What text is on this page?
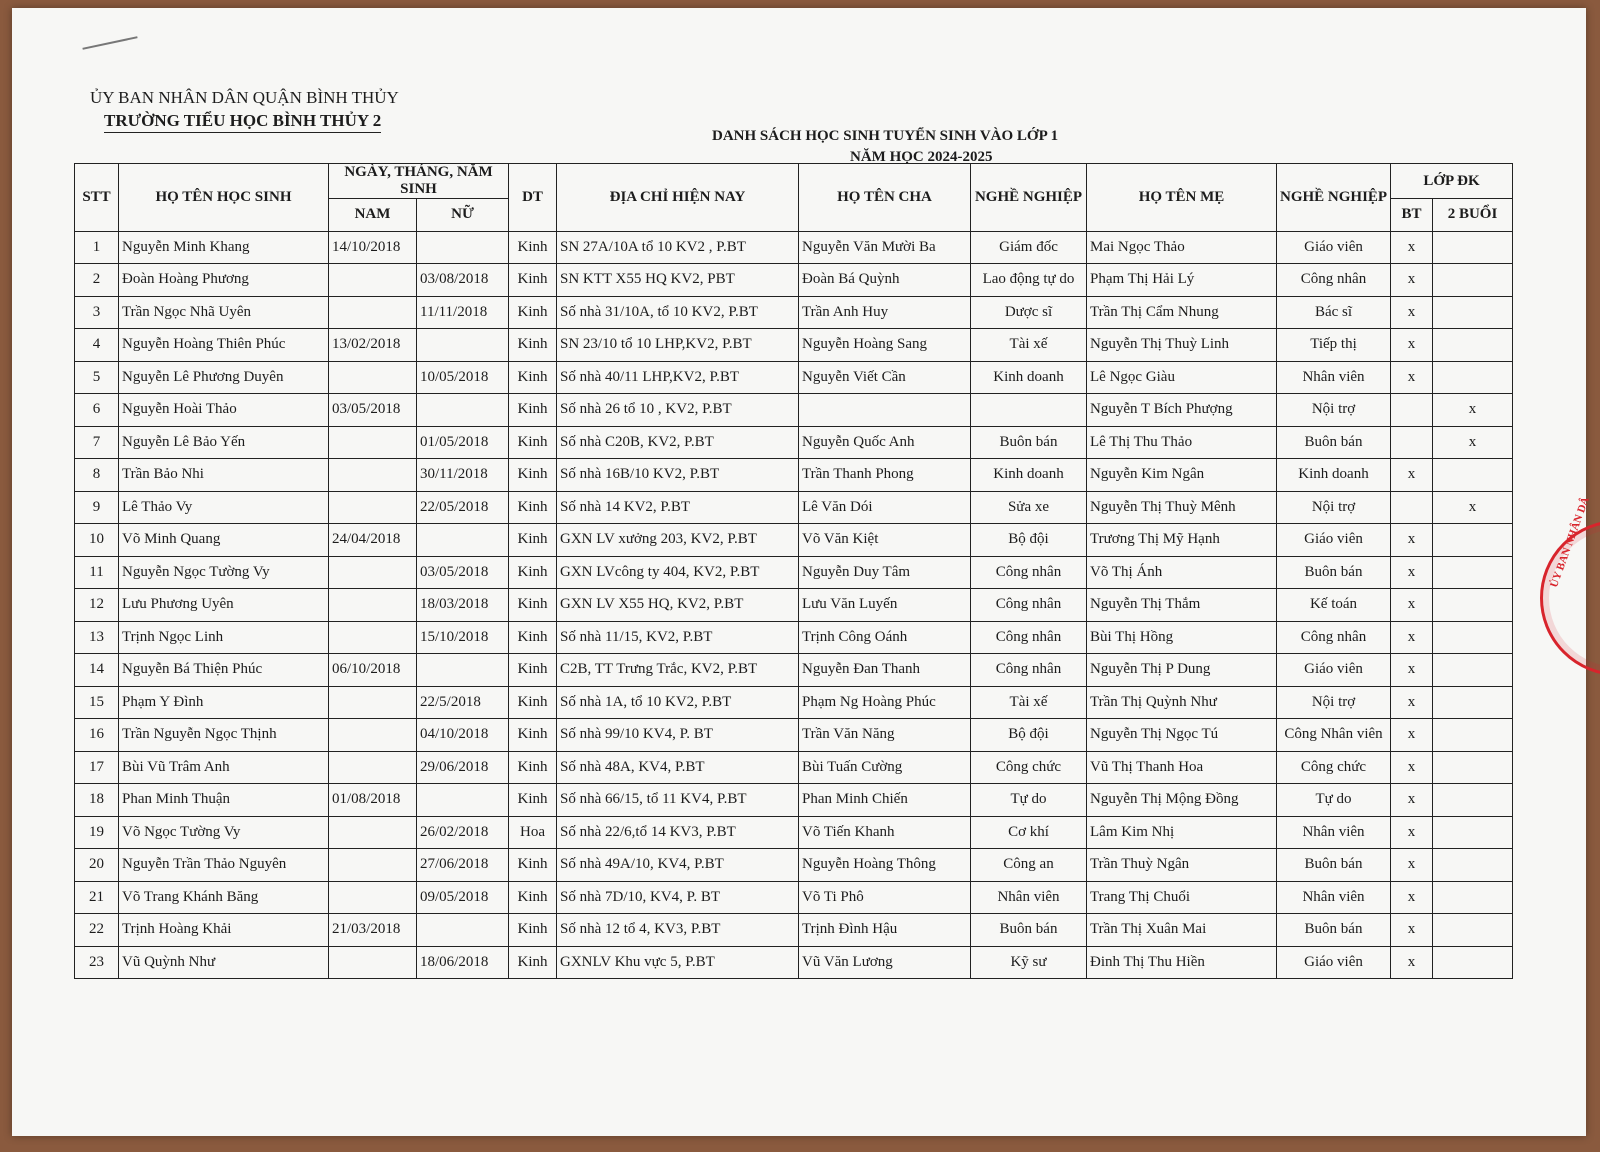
ỦY BAN NHÂN DÂN QUẬN BÌNH THỦY
TRƯỜNG TIỂU HỌC BÌNH THỦY 2
DANH SÁCH HỌC SINH TUYỂN SINH VÀO LỚP 1
NĂM HỌC 2024-2025
ỦY BAN NHÂN DÂ
STT	HỌ TÊN HỌC SINH	NGÀY, THÁNG, NĂM SINH		DT	ĐỊA CHỈ HIỆN NAY	HỌ TÊN CHA	NGHỀ NGHIỆP	HỌ TÊN MẸ	NGHỀ NGHIỆP	LỚP ĐK	
		NAM	NỮ							BT	2 BUỔI
1	Nguyễn Minh Khang	14/10/2018		Kinh	SN 27A/10A tổ 10 KV2 , P.BT	Nguyễn Văn Mười Ba	Giám đốc	Mai Ngọc Thảo	Giáo viên	x	
2	Đoàn Hoàng Phương		03/08/2018	Kinh	SN KTT X55 HQ KV2, PBT	Đoàn Bá Quỳnh	Lao động tự do	Phạm Thị Hải Lý	Công nhân	x	
3	Trần Ngọc Nhã Uyên		11/11/2018	Kinh	Số nhà 31/10A, tổ 10 KV2, P.BT	Trần Anh Huy	Dược sĩ	Trần Thị Cẩm Nhung	Bác sĩ	x	
4	Nguyễn Hoàng Thiên Phúc	13/02/2018		Kinh	SN 23/10 tổ 10 LHP,KV2, P.BT	Nguyễn Hoàng Sang	Tài xế	Nguyễn Thị Thuỳ Linh	Tiếp thị	x	
5	Nguyễn Lê Phương Duyên		10/05/2018	Kinh	Số nhà 40/11 LHP,KV2, P.BT	Nguyễn Viết Cần	Kinh doanh	Lê Ngọc Giàu	Nhân viên	x	
6	Nguyễn Hoài Thảo	03/05/2018		Kinh	Số nhà 26 tổ 10 , KV2, P.BT			Nguyễn T Bích Phượng	Nội trợ		x
7	Nguyễn Lê Bảo Yến		01/05/2018	Kinh	Số nhà C20B, KV2, P.BT	Nguyễn Quốc Anh	Buôn bán	Lê Thị Thu Thảo	Buôn bán		x
8	Trần Bảo Nhi		30/11/2018	Kinh	Số nhà 16B/10 KV2, P.BT	Trần Thanh Phong	Kinh doanh	Nguyễn Kim Ngân	Kinh doanh	x	
9	Lê Thảo Vy		22/05/2018	Kinh	Số nhà 14 KV2, P.BT	Lê Văn Dói	Sửa xe	Nguyễn Thị Thuỳ Mênh	Nội trợ		x
10	Võ Minh Quang	24/04/2018		Kinh	GXN LV xưởng 203, KV2, P.BT	Võ Văn Kiệt	Bộ đội	Trương Thị Mỹ Hạnh	Giáo viên	x	
11	Nguyễn Ngọc Tường Vy		03/05/2018	Kinh	GXN LVcông ty 404, KV2, P.BT	Nguyễn Duy Tâm	Công nhân	Võ Thị Ánh	Buôn bán	x	
12	Lưu Phương Uyên		18/03/2018	Kinh	GXN LV X55 HQ, KV2, P.BT	Lưu Văn Luyến	Công nhân	Nguyễn Thị Thắm	Kế toán	x	
13	Trịnh Ngọc Linh		15/10/2018	Kinh	Số nhà 11/15, KV2, P.BT	Trịnh Công Oánh	Công nhân	Bùi Thị Hồng	Công nhân	x	
14	Nguyễn Bá Thiện Phúc	06/10/2018		Kinh	C2B, TT Trưng Trắc, KV2, P.BT	Nguyễn Đan Thanh	Công nhân	Nguyễn Thị P Dung	Giáo viên	x	
15	Phạm Y Đình		22/5/2018	Kinh	Số nhà 1A, tổ 10 KV2, P.BT	Phạm Ng Hoàng Phúc	Tài xế	Trần Thị Quỳnh Như	Nội trợ	x	
16	Trần Nguyễn Ngọc Thịnh		04/10/2018	Kinh	Số nhà 99/10 KV4, P. BT	Trần Văn Năng	Bộ đội	Nguyễn Thị Ngọc Tú	Công Nhân viên	x	
17	Bùi Vũ Trâm Anh		29/06/2018	Kinh	Số nhà 48A, KV4, P.BT	Bùi Tuấn Cường	Công chức	Vũ Thị Thanh Hoa	Công chức	x	
18	Phan Minh Thuận	01/08/2018		Kinh	Số nhà 66/15, tổ 11 KV4, P.BT	Phan Minh Chiến	Tự do	Nguyễn Thị Mộng Đồng	Tự do	x	
19	Võ Ngọc Tường Vy		26/02/2018	Hoa	Số nhà 22/6,tổ 14 KV3, P.BT	Võ Tiến Khanh	Cơ khí	Lâm Kim Nhị	Nhân viên	x	
20	Nguyễn Trần Thảo Nguyên		27/06/2018	Kinh	Số nhà 49A/10, KV4, P.BT	Nguyễn Hoàng Thông	Công an	Trần Thuỳ Ngân	Buôn bán	x	
21	Võ Trang Khánh Băng		09/05/2018	Kinh	Số nhà 7D/10, KV4, P. BT	Võ Ti Phô	Nhân viên	Trang Thị Chuổi	Nhân viên	x	
22	Trịnh Hoàng Khải	21/03/2018		Kinh	Số nhà 12 tổ 4, KV3, P.BT	Trịnh Đình Hậu	Buôn bán	Trần Thị Xuân Mai	Buôn bán	x	
23	Vũ Quỳnh Như		18/06/2018	Kinh	GXNLV Khu vực 5, P.BT	Vũ Văn Lương	Kỹ sư	Đinh Thị Thu Hiền	Giáo viên	x	
